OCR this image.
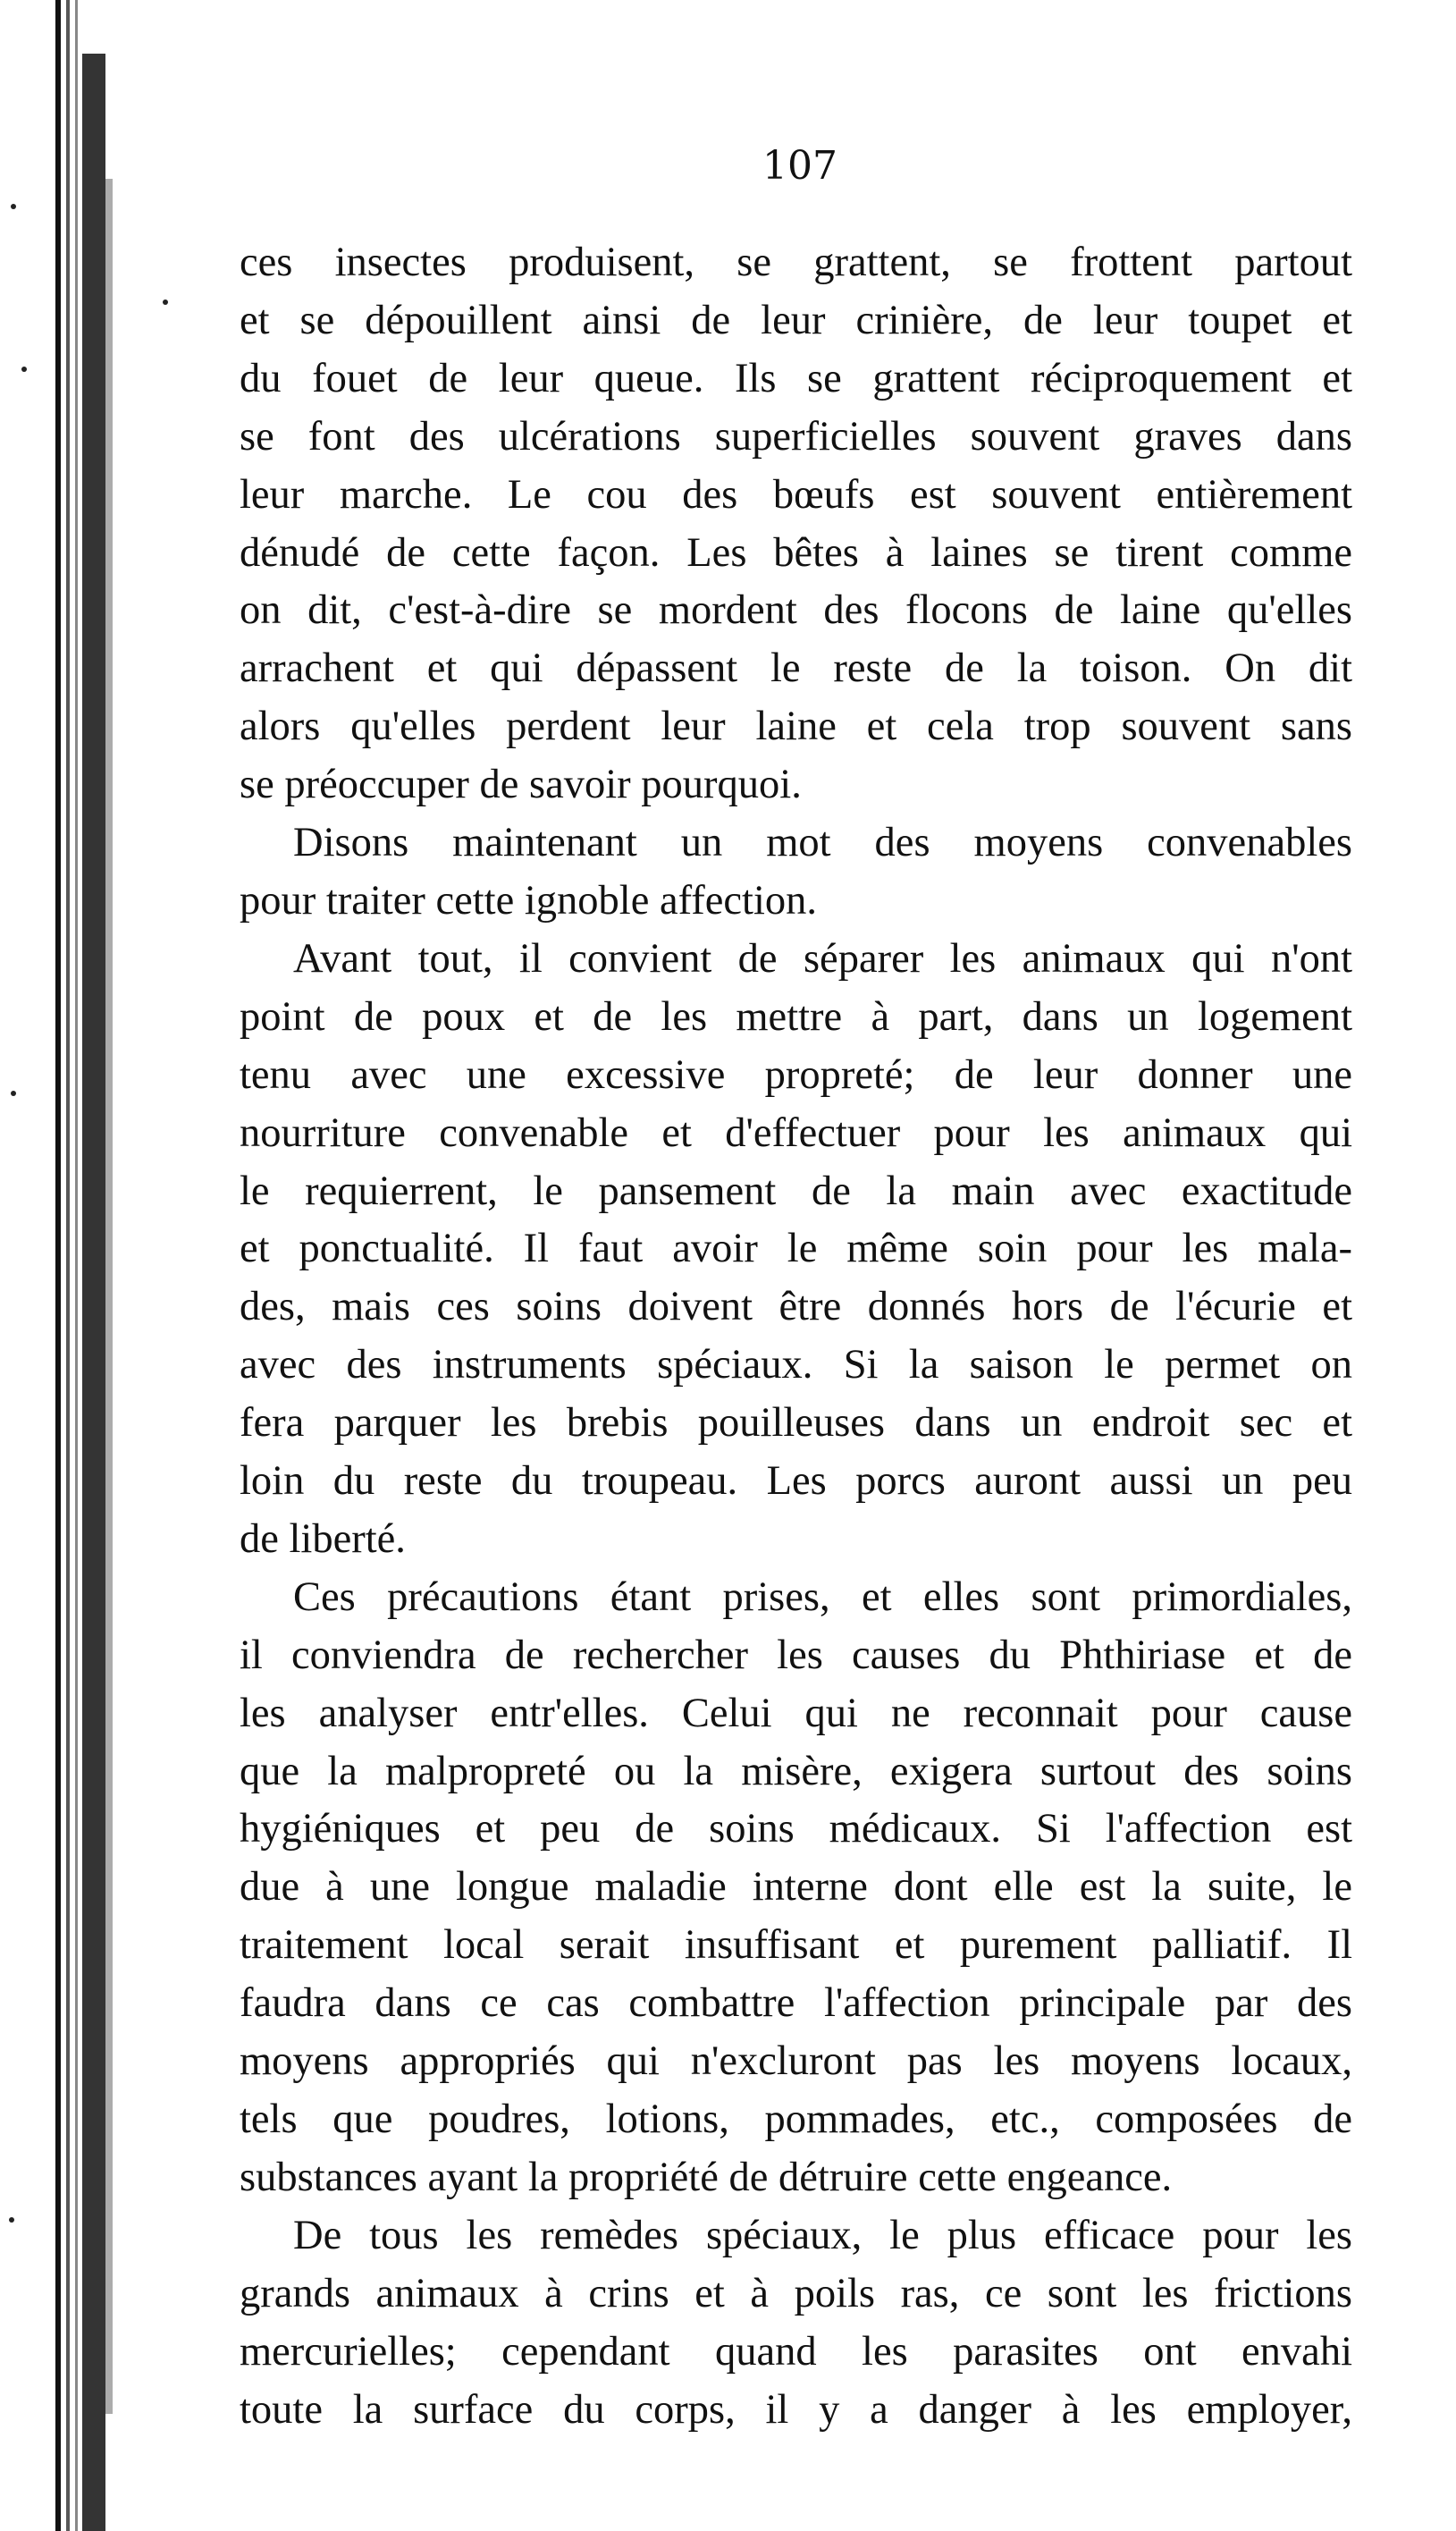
107

ces insectes produisent, se grattent, se frottent partout
et se dépouillent ainsi de leur crinière, de leur toupet et
du fouet de leur queue. Ils se grattent réciproquement et
se font des ulcérations superficielles souvent graves dans
leur marche. Le cou des bœufs est souvent entièrement
dénudé de cette façon. Les bêtes à laines se tirent comme
on dit, c'est-à-dire se mordent des flocons de laine qu'elles
arrachent et qui dépassent le reste de la toison. On dit
alors qu'elles perdent leur laine et cela trop souvent sans
se préoccuper de savoir pourquoi.

Disons maintenant un mot des moyens convenables
pour traiter cette ignoble affection.

Avant tout, il convient de séparer les animaux qui n'ont
point de poux et de les mettre à part, dans un logement
tenu avec une excessive propreté; de leur donner une
nourriture convenable et d'effectuer pour les animaux qui
le requierrent, le pansement de la main avec exactitude
et ponctualité. Il faut avoir le même soin pour les mala-
des, mais ces soins doivent être donnés hors de l'écurie et
avec des instruments spéciaux. Si la saison le permet on
fera parquer les brebis pouilleuses dans un endroit sec et
loin du reste du troupeau. Les porcs auront aussi un peu
de liberté.

Ces précautions étant prises, et elles sont primordiales,
il conviendra de rechercher les causes du Phthiriase et de
les analyser entr'elles. Celui qui ne reconnait pour cause
que la malpropreté ou la misère, exigera surtout des soins
hygiéniques et peu de soins médicaux. Si l'affection est
due à une longue maladie interne dont elle est la suite, le
traitement local serait insuffisant et purement palliatif. Il
faudra dans ce cas combattre l'affection principale par des
moyens appropriés qui n'excluront pas les moyens locaux,
tels que poudres, lotions, pommades, etc., composées de
substances ayant la propriété de détruire cette engeance.

De tous les remèdes spéciaux, le plus efficace pour les
grands animaux à crins et à poils ras, ce sont les frictions
mercurielles; cependant quand les parasites ont envahi
toute la surface du corps, il y a danger à les employer,
